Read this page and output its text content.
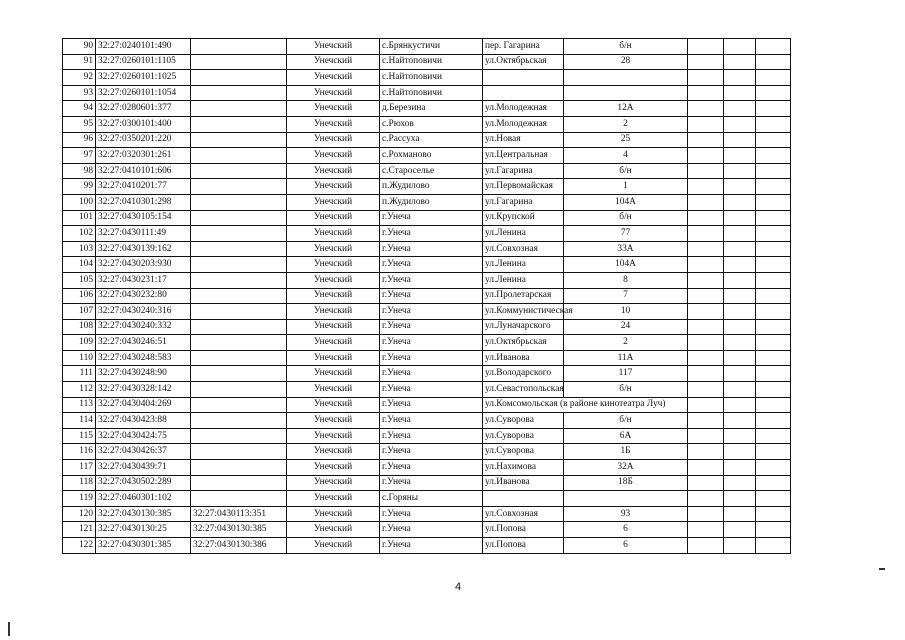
90	32:27:0240101:490		Унечский	с.Брянкустичи	пер. Гагарина	б/н			
91	32:27:0260101:1105		Унечский	с.Найтоповичи	ул.Октябрьская	28			
92	32:27:0260101:1025		Унечский	с.Найтоповичи					
93	32:27:0260101:1054		Унечский	с.Найтоповичи					
94	32:27:0280601:377		Унечский	д.Березина	ул.Молодежная	12А			
95	32:27:0300101:400		Унечский	с.Рюхов	ул.Молодежная	2			
96	32:27:0350201:220		Унечский	с.Рассуха	ул.Новая	25			
97	32:27:0320301:261		Унечский	с.Рохманово	ул.Центральная	4			
98	32:27:0410101:606		Унечский	с.Староселье	ул.Гагарина	б/н			
99	32:27:0410201:77		Унечский	п.Жудилово	ул.Первомайская	1			
100	32:27:0410301:298		Унечский	п.Жудилово	ул.Гагарина	104А			
101	32:27:0430105:154		Унечский	г.Унеча	ул.Крупской	б/н			
102	32:27:0430111:49		Унечский	г.Унеча	ул.Ленина	77			
103	32:27:0430139:162		Унечский	г.Унеча	ул.Совхозная	33А			
104	32:27:0430203:930		Унечский	г.Унеча	ул.Ленина	104А			
105	32:27:0430231:17		Унечский	г.Унеча	ул.Ленина	8			
106	32:27:0430232:80		Унечский	г.Унеча	ул.Пролетарская	7			
107	32:27:0430240:316		Унечский	г.Унеча	ул.Коммунистическая	10			
108	32:27:0430240:332		Унечский	г.Унеча	ул.Луначарского	24			
109	32:27:0430246:51		Унечский	г.Унеча	ул.Октябрьская	2			
110	32:27:0430248:583		Унечский	г.Унеча	ул.Иванова	11А			
111	32:27:0430248:90		Унечский	г.Унеча	ул.Володарского	117			
112	32:27:0430328:142		Унечский	г.Унеча	ул.Севастопольская	б/н			
113	32:27:0430404:269		Унечский	г.Унеча	ул.Комсомольская (в районе кинотеатра Луч)				
114	32:27:0430423:88		Унечский	г.Унеча	ул.Суворова	б/н			
115	32:27:0430424:75		Унечский	г.Унеча	ул.Суворова	6А			
116	32:27:0430426:37		Унечский	г.Унеча	ул.Суворова	1Б			
117	32:27:0430439:71		Унечский	г.Унеча	ул.Нахимова	32А			
118	32:27:0430502:289		Унечский	г.Унеча	ул.Иванова	18Б			
119	32:27:0460301:102		Унечский	с.Горяны					
120	32:27:0430130:385	32:27:0430113:351	Унечский	г.Унеча	ул.Совхозная	93			
121	32:27:0430130:25	32:27:0430130:385	Унечский	г.Унеча	ул.Попова	6			
122	32:27:0430301:385	32:27:0430130:386	Унечский	г.Унеча	ул.Попова	6			
4
